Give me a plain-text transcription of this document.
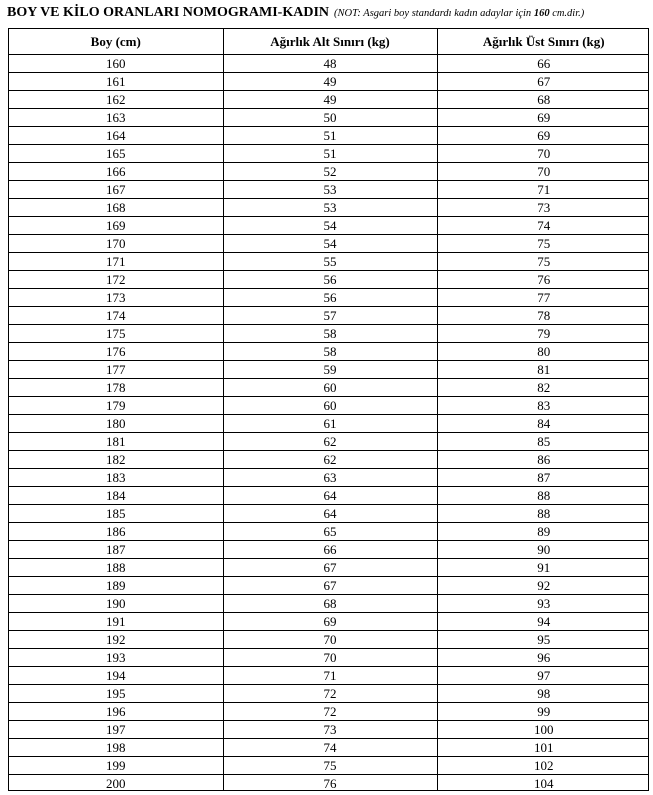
BOY VE KİLO ORANLARI NOMOGRAMI-KADIN (NOT: Asgari boy standardı kadın adaylar için 160 cm.dir.)
Boy (cm)	Ağırlık Alt Sınırı (kg)	Ağırlık Üst Sınırı (kg)
160	48	66
161	49	67
162	49	68
163	50	69
164	51	69
165	51	70
166	52	70
167	53	71
168	53	73
169	54	74
170	54	75
171	55	75
172	56	76
173	56	77
174	57	78
175	58	79
176	58	80
177	59	81
178	60	82
179	60	83
180	61	84
181	62	85
182	62	86
183	63	87
184	64	88
185	64	88
186	65	89
187	66	90
188	67	91
189	67	92
190	68	93
191	69	94
192	70	95
193	70	96
194	71	97
195	72	98
196	72	99
197	73	100
198	74	101
199	75	102
200	76	104
